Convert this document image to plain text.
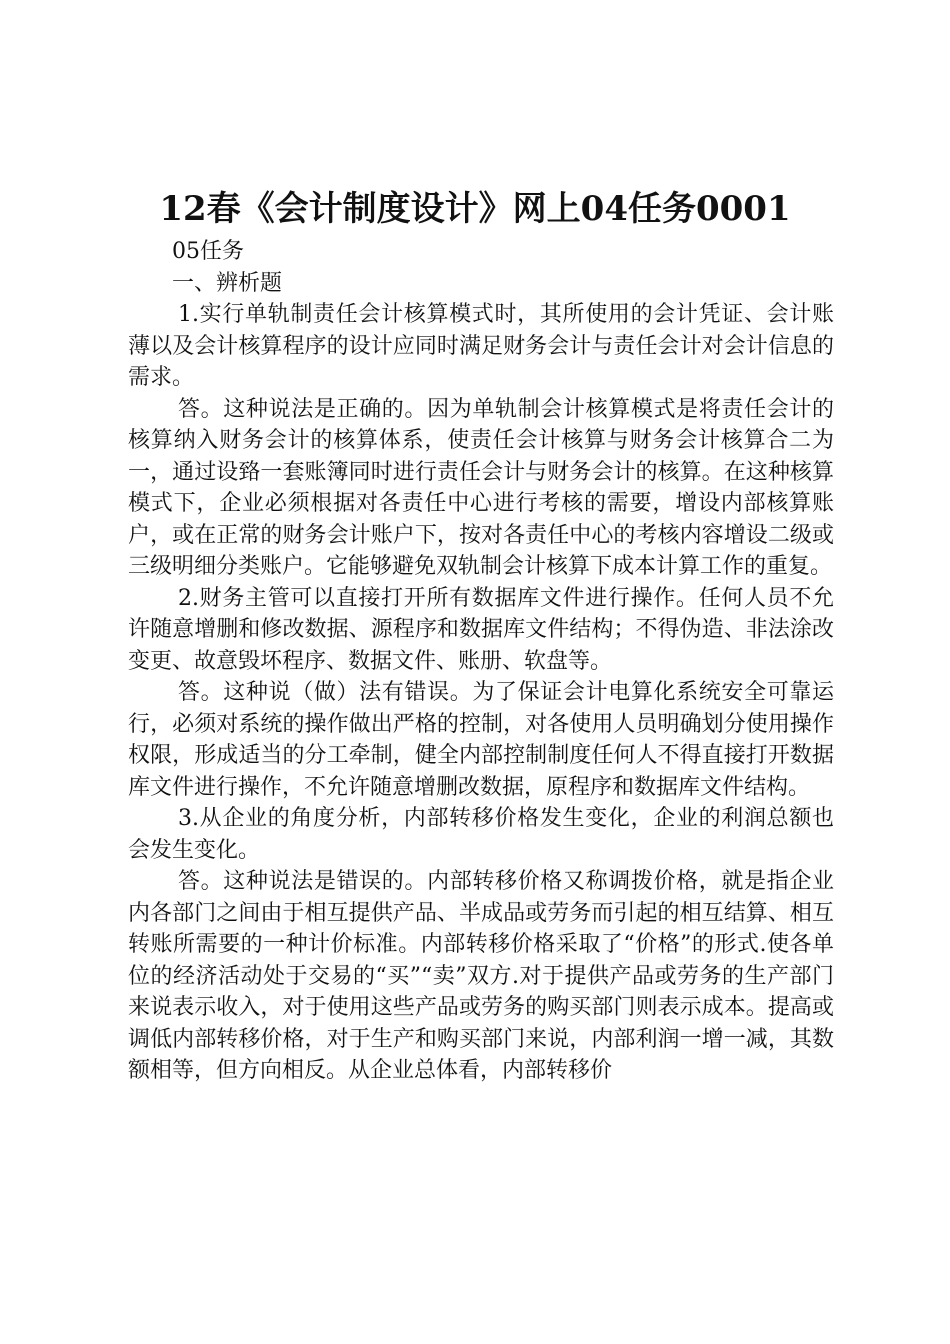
12春《会计制度设计》网上04任务0001

05任务

一、辨析题

1.实行单轨制责任会计核算模式时，其所使用的会计凭证、会计账薄以及会计核算程序的设计应同时满足财务会计与责任会计对会计信息的需求。

答。这种说法是正确的。因为单轨制会计核算模式是将责任会计的核算纳入财务会计的核算体系，使责任会计核算与财务会计核算合二为一，通过设臵一套账簿同时进行责任会计与财务会计的核算。在这种核算模式下，企业必须根据对各责任中心进行考核的需要，增设内部核算账户，或在正常的财务会计账户下，按对各责任中心的考核内容增设二级或三级明细分类账户。它能够避免双轨制会计核算下成本计算工作的重复。

2.财务主管可以直接打开所有数据库文件进行操作。任何人员不允许随意增删和修改数据、源程序和数据库文件结构；不得伪造、非法涂改变更、故意毁坏程序、数据文件、账册、软盘等。

答。这种说（做）法有错误。为了保证会计电算化系统安全可靠运行，必须对系统的操作做出严格的控制，对各使用人员明确划分使用操作权限，形成适当的分工牵制，健全内部控制制度任何人不得直接打开数据库文件进行操作，不允许随意增删改数据，原程序和数据库文件结构。

3.从企业的角度分析，内部转移价格发生变化，企业的利润总额也会发生变化。

答。这种说法是错误的。内部转移价格又称调拨价格，就是指企业内各部门之间由于相互提供产品、半成品或劳务而引起的相互结算、相互转账所需要的一种计价标准。内部转移价格采取了“价格”的形式.使各单位的经济活动处于交易的“买”“卖”双方.对于提供产品或劳务的生产部门来说表示收入，对于使用这些产品或劳务的购买部门则表示成本。提高或调低内部转移价格，对于生产和购买部门来说，内部利润一增一减，其数额相等，但方向相反。从企业总体看，内部转移价
